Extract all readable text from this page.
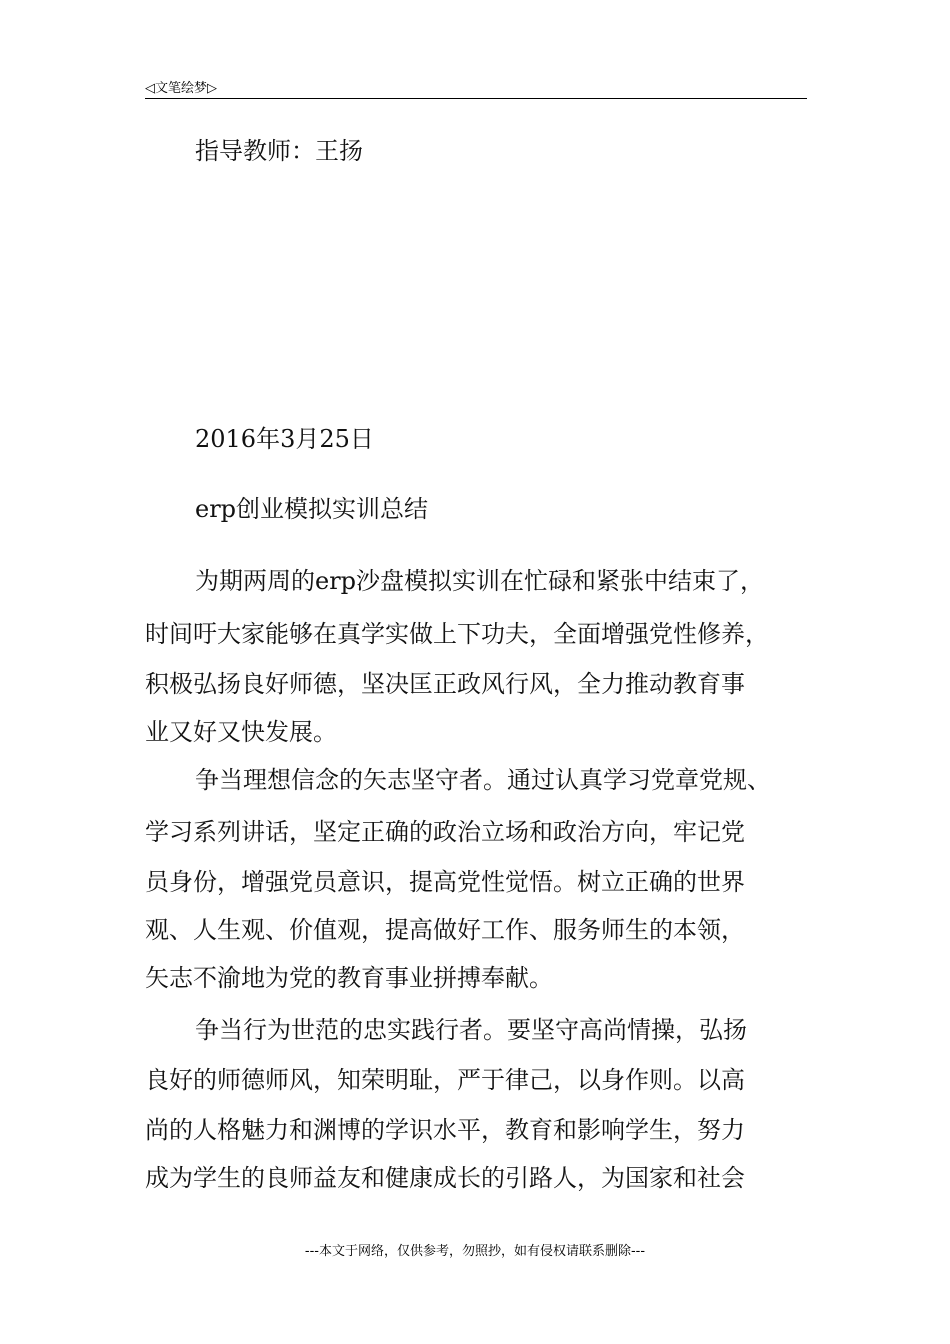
◁文笔绘梦▷
指导教师：王扬
2016年3月25日
erp创业模拟实训总结
为期两周的erp沙盘模拟实训在忙碌和紧张中结束了，
时间吁大家能够在真学实做上下功夫，全面增强党性修养，
积极弘扬良好师德，坚决匡正政风行风，全力推动教育事
业又好又快发展。
争当理想信念的矢志坚守者。通过认真学习党章党规、
学习系列讲话，坚定正确的政治立场和政治方向，牢记党
员身份，增强党员意识，提高党性觉悟。树立正确的世界
观、人生观、价值观，提高做好工作、服务师生的本领，
矢志不渝地为党的教育事业拼搏奉献。
争当行为世范的忠实践行者。要坚守高尚情操，弘扬
良好的师德师风，知荣明耻，严于律己，以身作则。以高
尚的人格魅力和渊博的学识水平，教育和影响学生，努力
成为学生的良师益友和健康成长的引路人，为国家和社会
---本文于网络，仅供参考，勿照抄，如有侵权请联系删除---
